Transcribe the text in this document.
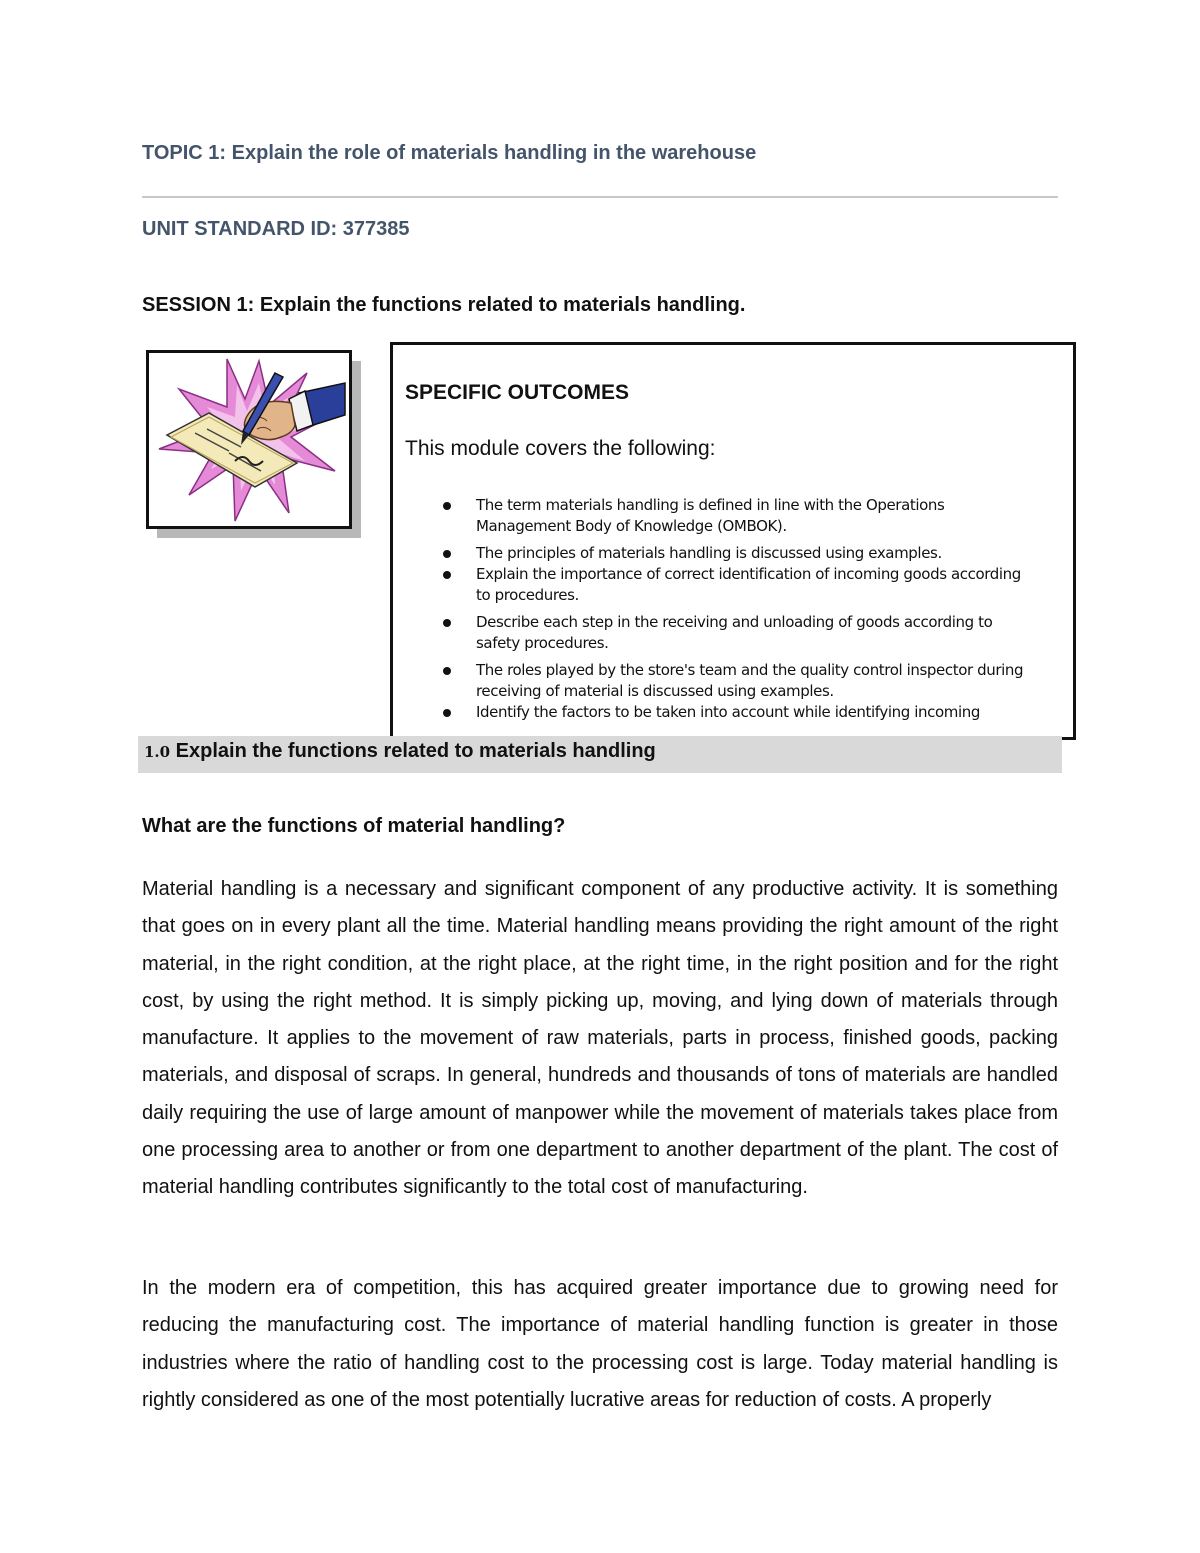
TOPIC 1: Explain the role of materials handling in the warehouse
UNIT STANDARD ID: 377385
SESSION 1: Explain the functions related to materials handling.
SPECIFIC OUTCOMES
This module covers the following:
The term materials handling is defined in line with the Operations Management Body of Knowledge (OMBOK).
The principles of materials handling is discussed using examples.
Explain the importance of correct identification of incoming goods according to procedures.
Describe each step in the receiving and unloading of goods according to safety procedures.
The roles played by the store's team and the quality control inspector during receiving of material is discussed using examples.
Identify the factors to be taken into account while identifying incoming
1.0 Explain the functions related to materials handling
What are the functions of material handling?

Material handling is a necessary and significant component of any productive activity. It is something that goes on in every plant all the time. Material handling means providing the right amount of the right material, in the right condition, at the right place, at the right time, in the right position and for the right cost, by using the right method. It is simply picking up, moving, and lying down of materials through manufacture. It applies to the movement of raw materials, parts in process, finished goods, packing materials, and disposal of scraps. In general, hundreds and thousands of tons of materials are handled daily requiring the use of large amount of manpower while the movement of materials takes place from one processing area to another or from one department to another department of the plant. The cost of material handling contributes significantly to the total cost of manufacturing.

In the modern era of competition, this has acquired greater importance due to growing need for reducing the manufacturing cost. The importance of material handling function is greater in those industries where the ratio of handling cost to the processing cost is large. Today material handling is rightly considered as one of the most potentially lucrative areas for reduction of costs. A properly
